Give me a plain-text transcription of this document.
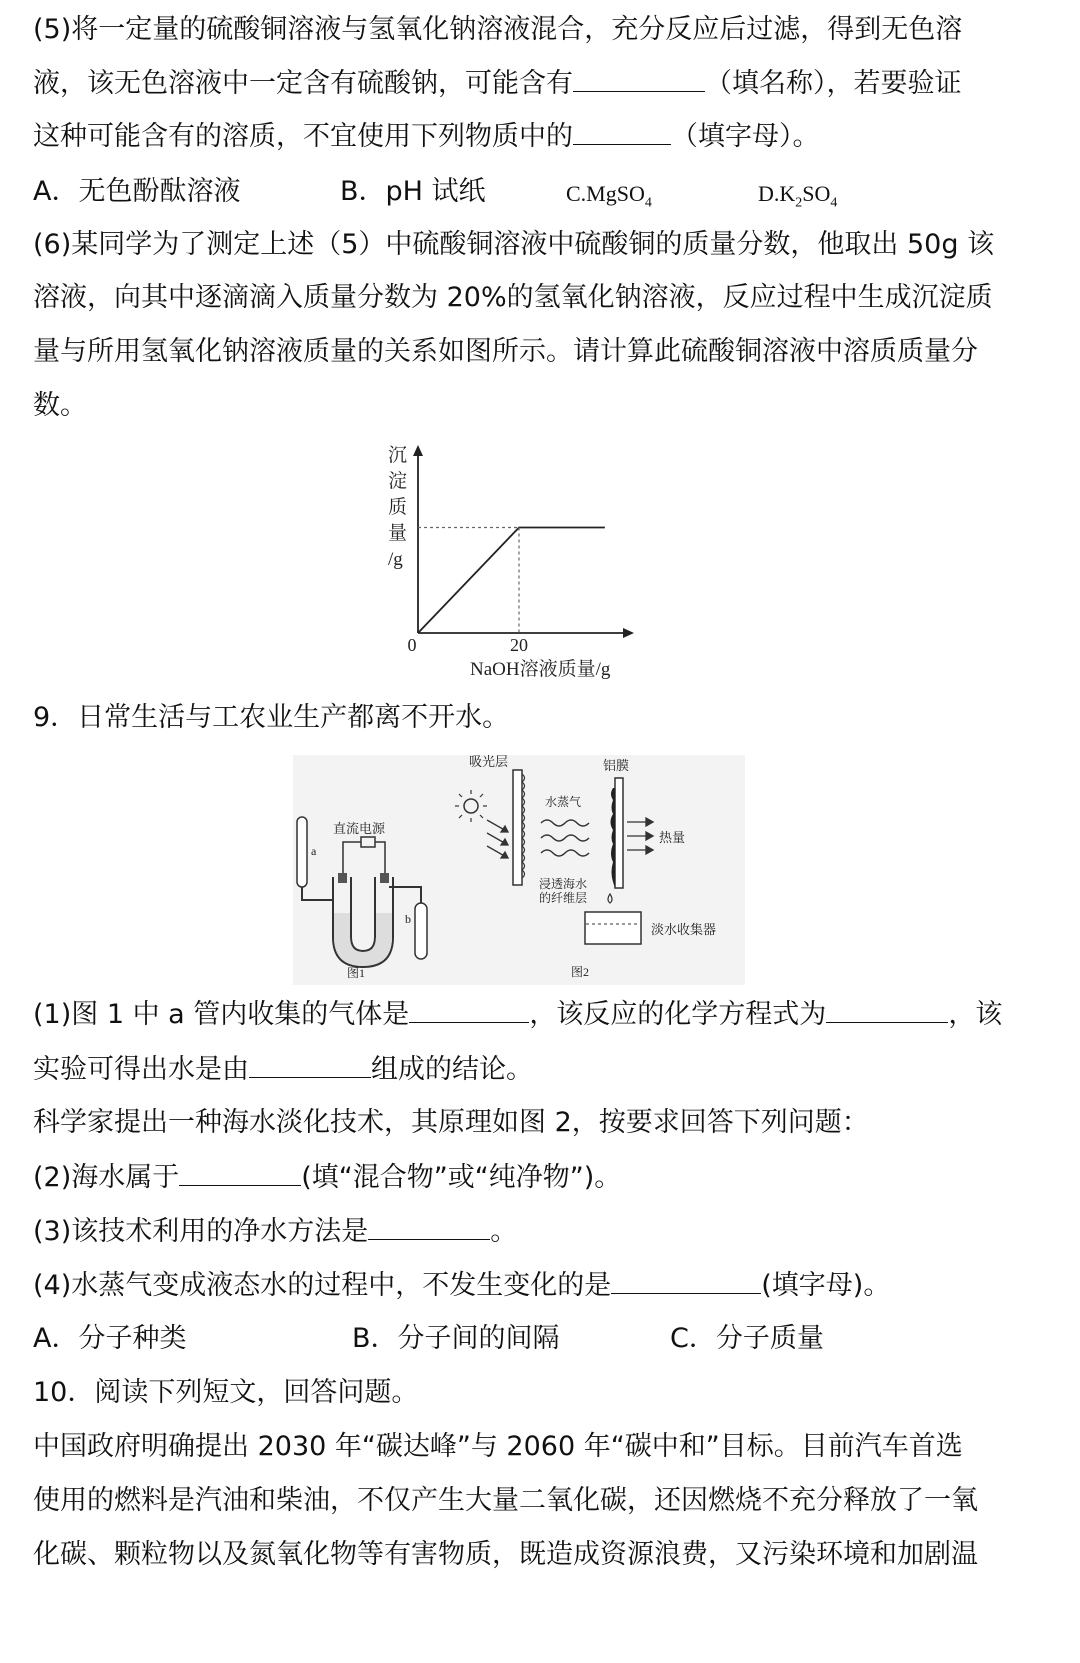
(5)将一定量的硫酸铜溶液与氢氧化钠溶液混合，充分反应后过滤，得到无色溶
液，该无色溶液中一定含有硫酸钠，可能含有	（填名称），若要验证
这种可能含有的溶质，不宜使用下列物质中的	（填字母）。
A．无色酚酞溶液	B．pH 试纸	C.MgSO$_4$	$D.K_2SO_4$
(6)某同学为了测定上述（5）中硫酸铜溶液中硫酸铜的质量分数，他取出 50g 该
溶液，向其中逐滴滴入质量分数为 20%的氢氧化钠溶液，反应过程中生成沉淀质
量与所用氢氧化钠溶液质量的关系如图所示。请计算此硫酸铜溶液中溶质质量分
数。
沉
淀
质
量
/g
0	20
NaOH溶液质量/g
9．日常生活与工农业生产都离不开水。
直流电源
a
b
图1
吸光层	铝膜
水蒸气
热量
浸透海水
的纤维层
淡水收集器
图2
(1)图 1 中 a 管内收集的气体是	，该反应的化学方程式为	，该
实验可得出水是由	组成的结论。
科学家提出一种海水淡化技术，其原理如图 2，按要求回答下列问题：
(2)海水属于	(填“混合物”或“纯净物”)。
(3)该技术利用的净水方法是	。
(4)水蒸气变成液态水的过程中，不发生变化的是	(填字母)。
A．分子种类	B．分子间的间隔	C．分子质量
10．阅读下列短文，回答问题。
中国政府明确提出 2030 年“碳达峰”与 2060 年“碳中和”目标。目前汽车首选
使用的燃料是汽油和柴油，不仅产生大量二氧化碳，还因燃烧不充分释放了一氧
化碳、颗粒物以及氮氧化物等有害物质，既造成资源浪费，又污染环境和加剧温
